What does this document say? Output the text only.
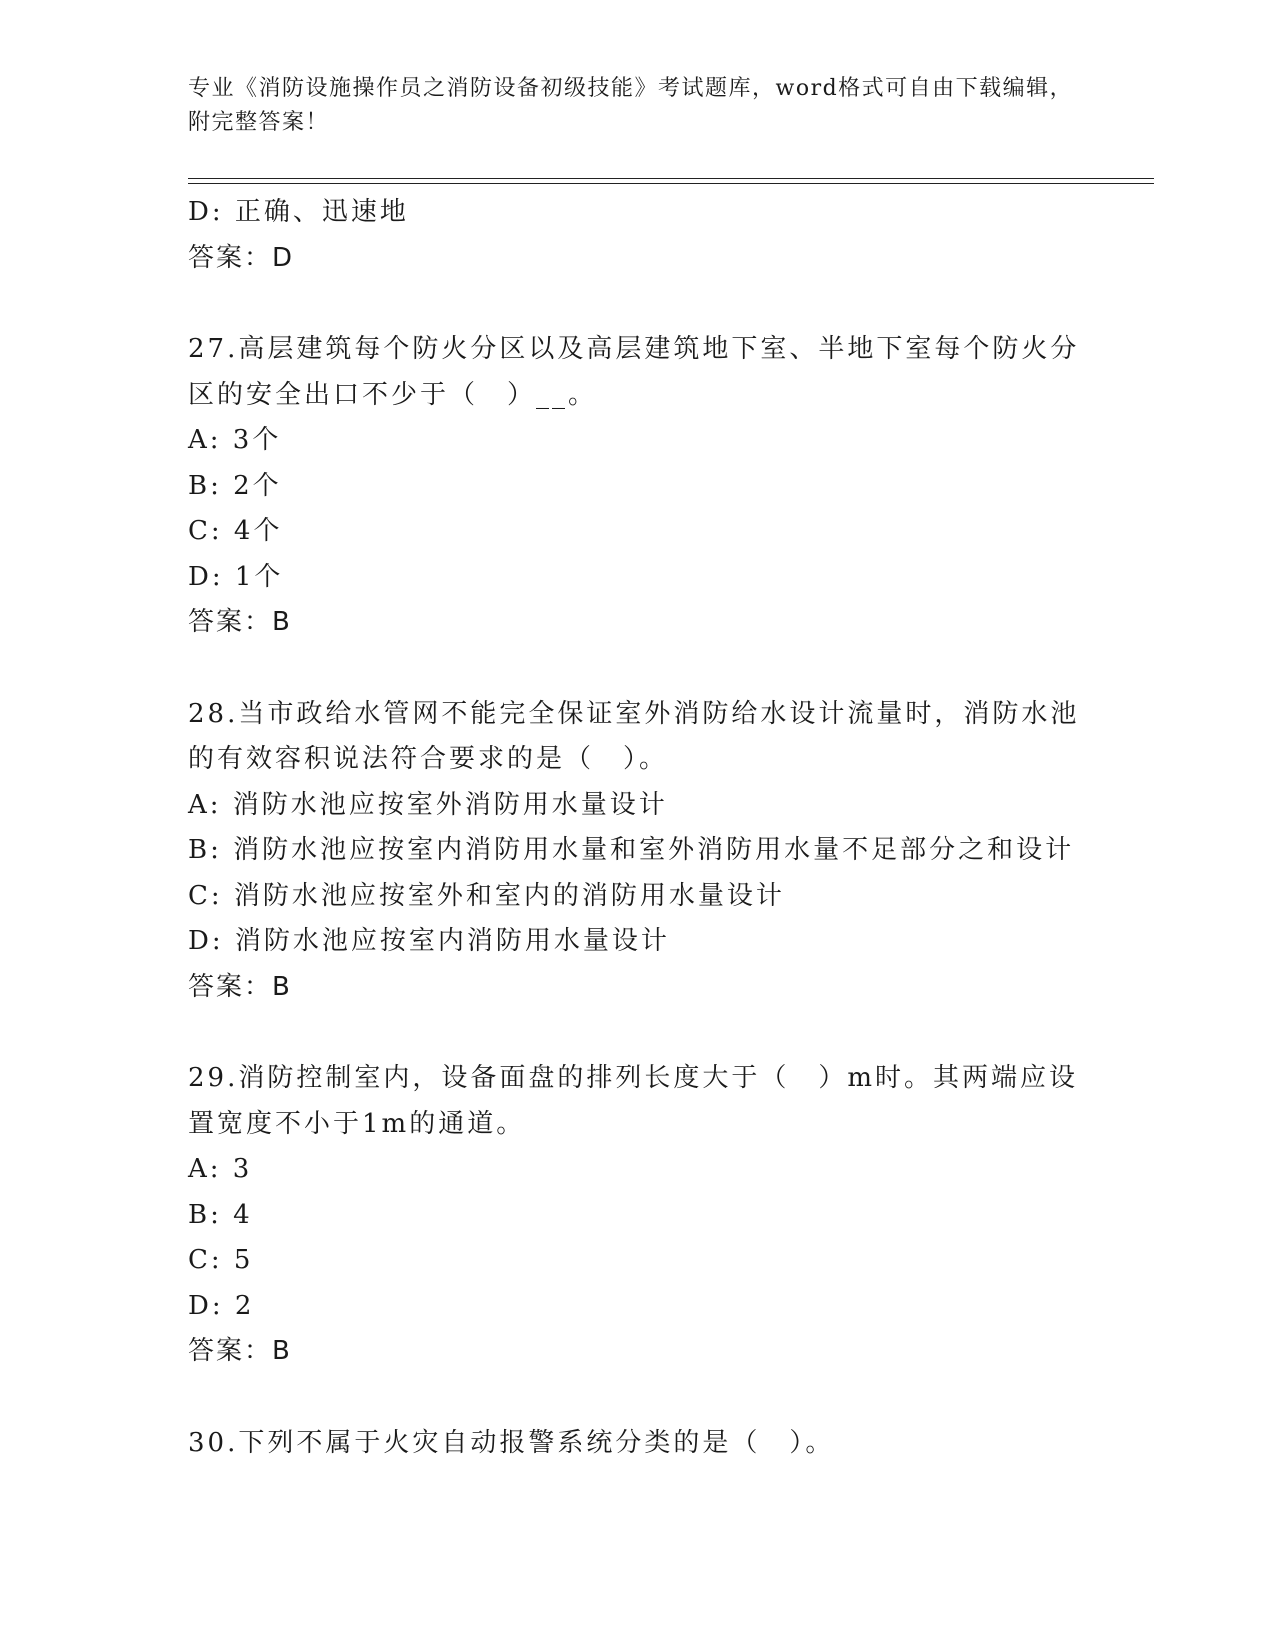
专业《消防设施操作员之消防设备初级技能》考试题库，word格式可自由下载编辑，附完整答案！
D: 正确、迅速地
答案：D
27.高层建筑每个防火分区以及高层建筑地下室、半地下室每个防火分区的安全出口不少于（　）__。
A: 3个
B: 2个
C: 4个
D: 1个
答案：B
28.当市政给水管网不能完全保证室外消防给水设计流量时，消防水池的有效容积说法符合要求的是（　）。
A: 消防水池应按室外消防用水量设计
B: 消防水池应按室内消防用水量和室外消防用水量不足部分之和设计
C: 消防水池应按室外和室内的消防用水量设计
D: 消防水池应按室内消防用水量设计
答案：B
29.消防控制室内，设备面盘的排列长度大于（　）m时。其两端应设置宽度不小于1m的通道。
A: 3
B: 4
C: 5
D: 2
答案：B
30.下列不属于火灾自动报警系统分类的是（　）。
